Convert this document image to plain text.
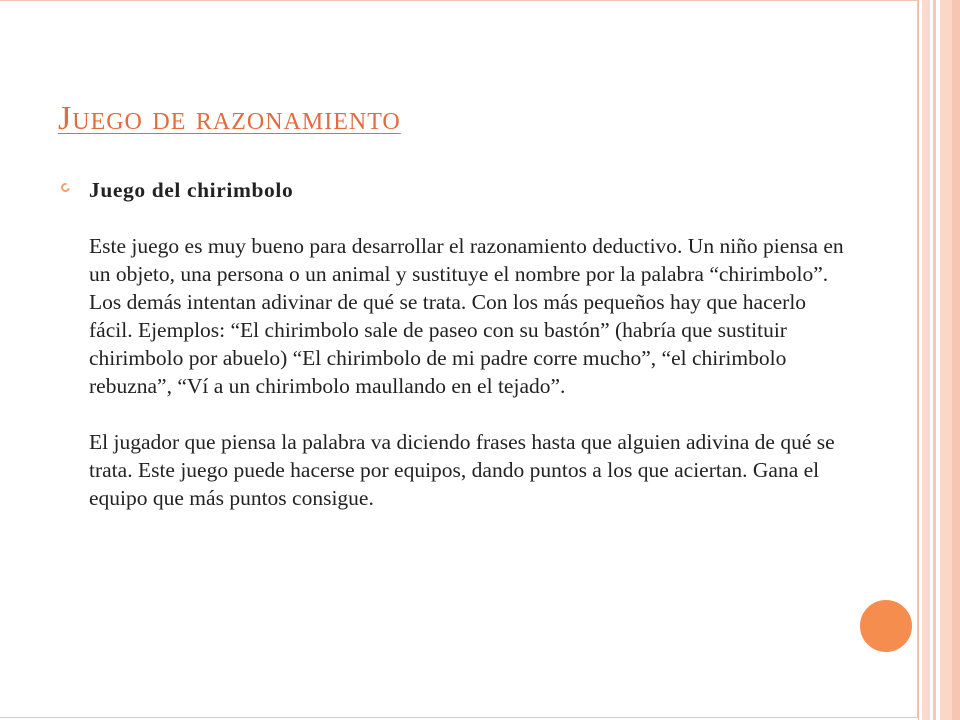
Juego de razonamiento

Juego del chirimbolo

Este juego es muy bueno para desarrollar el razonamiento deductivo. Un niño piensa en un objeto, una persona o un animal y sustituye el nombre por la palabra “chirimbolo”. Los demás intentan adivinar de qué se trata. Con los más pequeños hay que hacerlo fácil. Ejemplos: “El chirimbolo sale de paseo con su bastón” (habría que sustituir chirimbolo por abuelo) “El chirimbolo de mi padre corre mucho”, “el chirimbolo rebuzna”, “Ví a un chirimbolo maullando en el tejado”.

El jugador que piensa la palabra va diciendo frases hasta que alguien adivina de qué se trata. Este juego puede hacerse por equipos, dando puntos a los que aciertan. Gana el equipo que más puntos consigue.
